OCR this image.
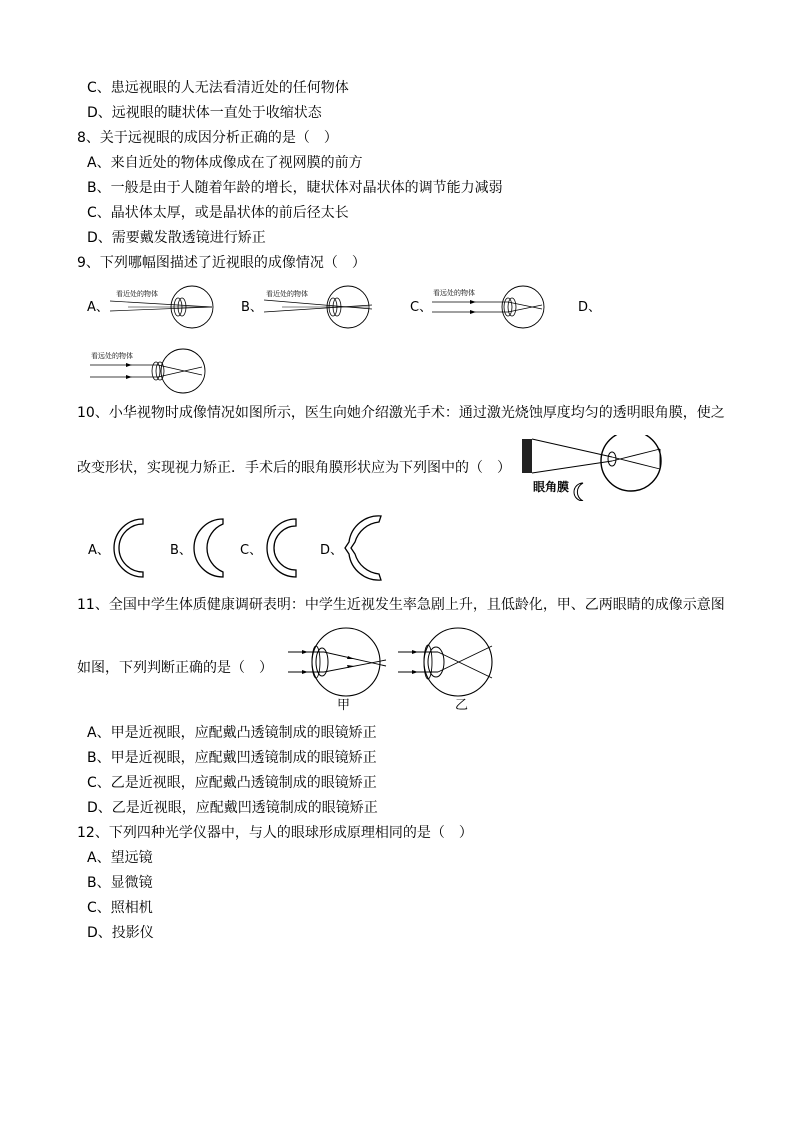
C、患远视眼的人无法看清近处的任何物体
D、远视眼的睫状体一直处于收缩状态
8、关于远视眼的成因分析正确的是（　）
A、来自近处的物体成像成在了视网膜的前方
B、一般是由于人随着年龄的增长，睫状体对晶状体的调节能力减弱
C、晶状体太厚，或是晶状体的前后径太长
D、需要戴发散透镜进行矫正
9、下列哪幅图描述了近视眼的成像情况（　）
A、	B、	C、	D、
看近处的物体	看近处的物体	看远处的物体
看远处的物体
10、小华视物时成像情况如图所示，医生向她介绍激光手术：通过激光烧蚀厚度均匀的透明眼角膜，使之
改变形状，实现视力矫正．手术后的眼角膜形状应为下列图中的（　）
眼角膜
A、	B、	C、	D、
11、全国中学生体质健康调研表明：中学生近视发生率急剧上升，且低龄化，甲、乙两眼睛的成像示意图
如图，下列判断正确的是（　）
甲	乙
A、甲是近视眼，应配戴凸透镜制成的眼镜矫正
B、甲是近视眼，应配戴凹透镜制成的眼镜矫正
C、乙是近视眼，应配戴凸透镜制成的眼镜矫正
D、乙是近视眼，应配戴凹透镜制成的眼镜矫正
12、下列四种光学仪器中，与人的眼球形成原理相同的是（　）
A、望远镜
B、显微镜
C、照相机
D、投影仪
